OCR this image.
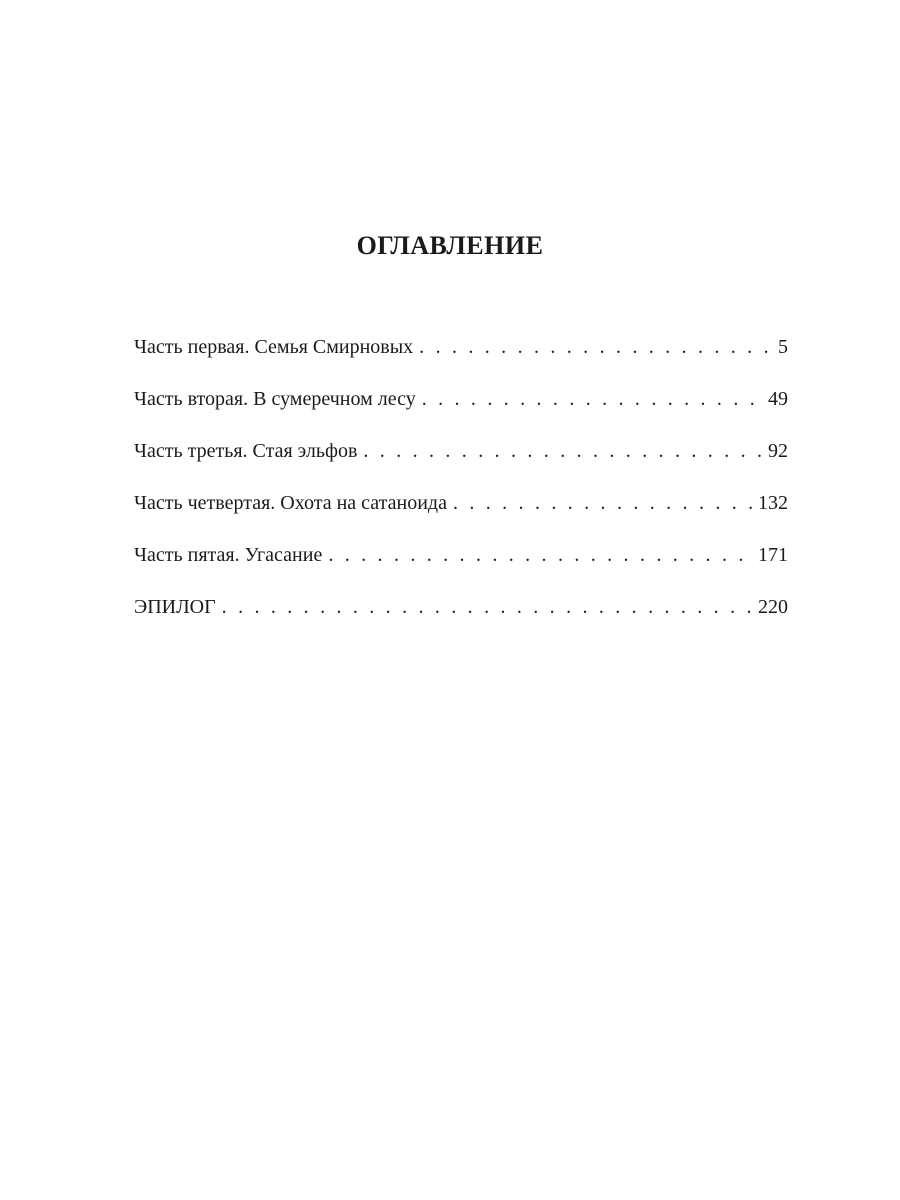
ОГЛАВЛЕНИЕ
Часть первая. Семья Смирновых . . .	5
Часть вторая. В сумеречном лесу . . .	49
Часть третья. Стая эльфов . . .	92
Часть четвертая. Охота на сатаноида . . .	132
Часть пятая. Угасание . . .	171
ЭПИЛОГ . . .	220
